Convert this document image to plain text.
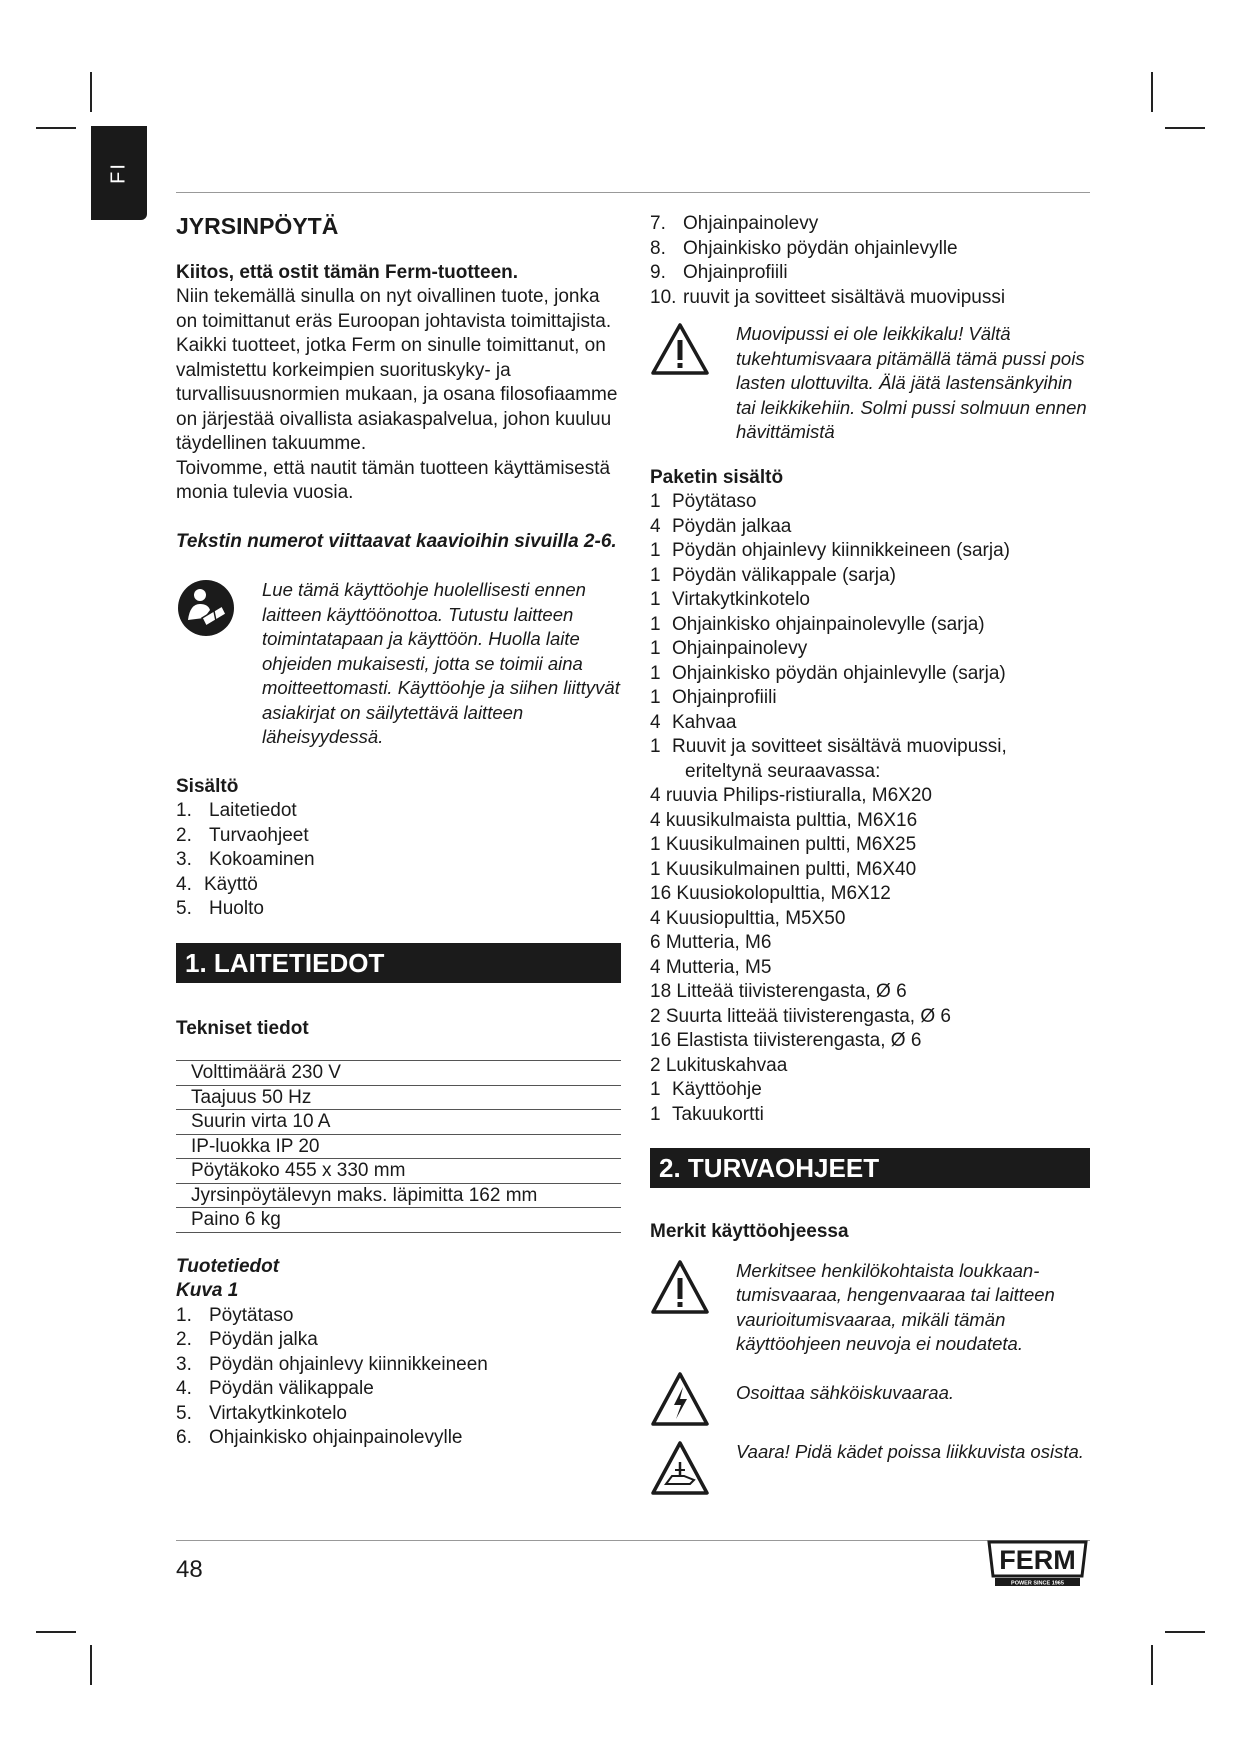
FI

JYRSINPÖYTÄ

Kiitos, että ostit tämän Ferm-tuotteen.

Niin tekemällä sinulla on nyt oivallinen tuote, jonka on toimittanut eräs Euroopan johtavista toimittajista.

Kaikki tuotteet, jotka Ferm on sinulle toimittanut, on valmistettu korkeimpien suorituskyky- ja turvallisuusnormien mukaan, ja osana filosofiaamme on järjestää oivallista asiakaspalvelua, johon kuuluu täydellinen takuumme.

Toivomme, että nautit tämän tuotteen käyttämisestä monia tulevia vuosia.

Tekstin numerot viittaavat kaavioihin sivuilla 2-6.

Lue tämä käyttöohje huolellisesti ennen laitteen käyttöönottoa. Tutustu laitteen toimintatapaan ja käyttöön. Huolla laite ohjeiden mukaisesti, jotta se toimii aina moitteettomasti. Käyttöohje ja siihen liittyvät asiakirjat on säilytettävä laitteen läheisyydessä.

Sisältö

1. Laitetiedot
2. Turvaohjeet
3. Kokoaminen
4. Käyttö
5. Huolto
1. LAITETIEDOT

Tekniset tiedot

Volttimäärä 230 V
Taajuus 50 Hz
Suurin virta 10 A
IP-luokka IP 20
Pöytäkoko 455 x 330 mm
Jyrsinpöytälevyn maks. läpimitta 162 mm
Paino 6 kg

Tuotetiedot

Kuva 1

1. Pöytätaso
2. Pöydän jalka
3. Pöydän ohjainlevy kiinnikkeineen
4. Pöydän välikappale
5. Virtakytkinkotelo
6. Ohjainkisko ohjainpainolevylle
7. Ohjainpainolevy
8. Ohjainkisko pöydän ohjainlevylle
9. Ohjainprofiili
10. ruuvit ja sovitteet sisältävä muovipussi

Muovipussi ei ole leikkikalu! Vältä tukehtumisvaara pitämällä tämä pussi pois lasten ulottuvilta. Älä jätä lastensänkyihin tai leikkikehiin. Solmi pussi solmuun ennen hävittämistä

Paketin sisältö

1 Pöytätaso
4 Pöydän jalkaa
1 Pöydän ohjainlevy kiinnikkeineen (sarja)
1 Pöydän välikappale (sarja)
1 Virtakytkinkotelo
1 Ohjainkisko ohjainpainolevylle (sarja)
1 Ohjainpainolevy
1 Ohjainkisko pöydän ohjainlevylle (sarja)
1 Ohjainprofiili
4 Kahvaa
1 Ruuvit ja sovitteet sisältävä muovipussi,

eriteltynä seuraavassa:

4 ruuvia Philips-ristiuralla, M6X20
4 kuusikulmaista pulttia, M6X16
1 Kuusikulmainen pultti, M6X25
1 Kuusikulmainen pultti, M6X40
16 Kuusiokolopulttia, M6X12
4 Kuusiopulttia, M5X50
6 Mutteria, M6
4 Mutteria, M5
18 Litteää tiivisterengasta, Ø 6
2 Suurta litteää tiivisterengasta, Ø 6
16 Elastista tiivisterengasta, Ø 6
2 Lukituskahvaa
1 Käyttöohje
1 Takuukortti
2. TURVAOHJEET

Merkit käyttöohjeessa

Merkitsee henkilökohtaista loukkaan-tumisvaaraa, hengenvaaraa tai laitteen vaurioitumisvaaraa, mikäli tämän käyttöohjeen neuvoja ei noudateta.

Osoittaa sähköiskuvaaraa.

Vaara! Pidä kädet poissa liikkuvista osista.

48	FERM
POWER SINCE 1965
